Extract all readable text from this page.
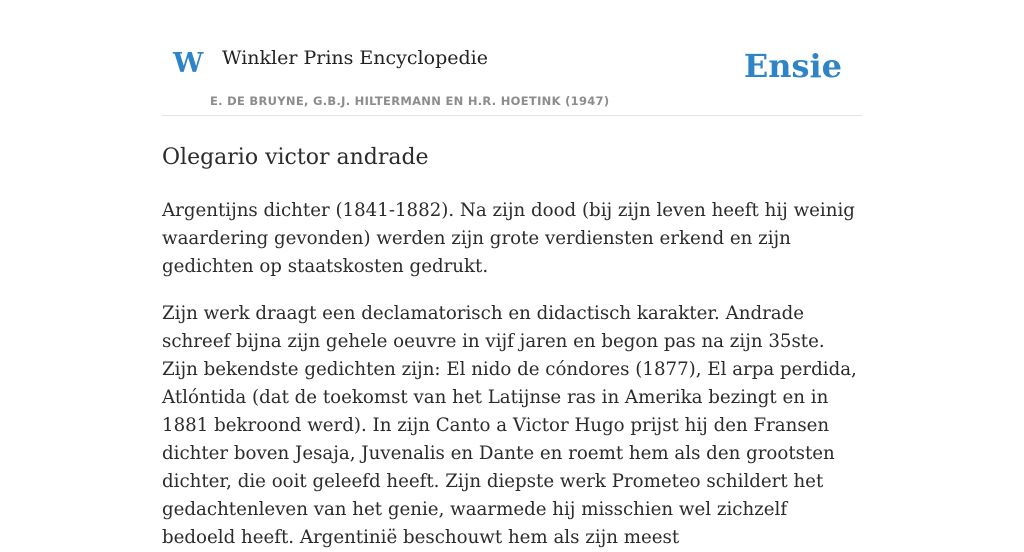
W Winkler Prins Encyclopedie
E. DE BRUYNE, G.B.J. HILTERMANN EN H.R. HOETINK (1947)
Ensie
Olegario victor andrade

Argentijns dichter (1841-1882). Na zijn dood (bij zijn leven heeft hij weinig waardering gevonden) werden zijn grote verdiensten erkend en zijn gedichten op staatskosten gedrukt.

Zijn werk draagt een declamatorisch en didactisch karakter. Andrade schreef bijna zijn gehele oeuvre in vijf jaren en begon pas na zijn 35ste. Zijn bekendste gedichten zijn: El nido de cóndores (1877), El arpa perdida, Atlóntida (dat de toekomst van het Latijnse ras in Amerika bezingt en in 1881 bekroond werd). In zijn Canto a Victor Hugo prijst hij den Fransen dichter boven Jesaja, Juvenalis en Dante en roemt hem als den grootsten dichter, die ooit geleefd heeft. Zijn diepste werk Prometeo schildert het gedachtenleven van het genie, waarmede hij misschien wel zichzelf bedoeld heeft. Argentinië beschouwt hem als zijn meest
